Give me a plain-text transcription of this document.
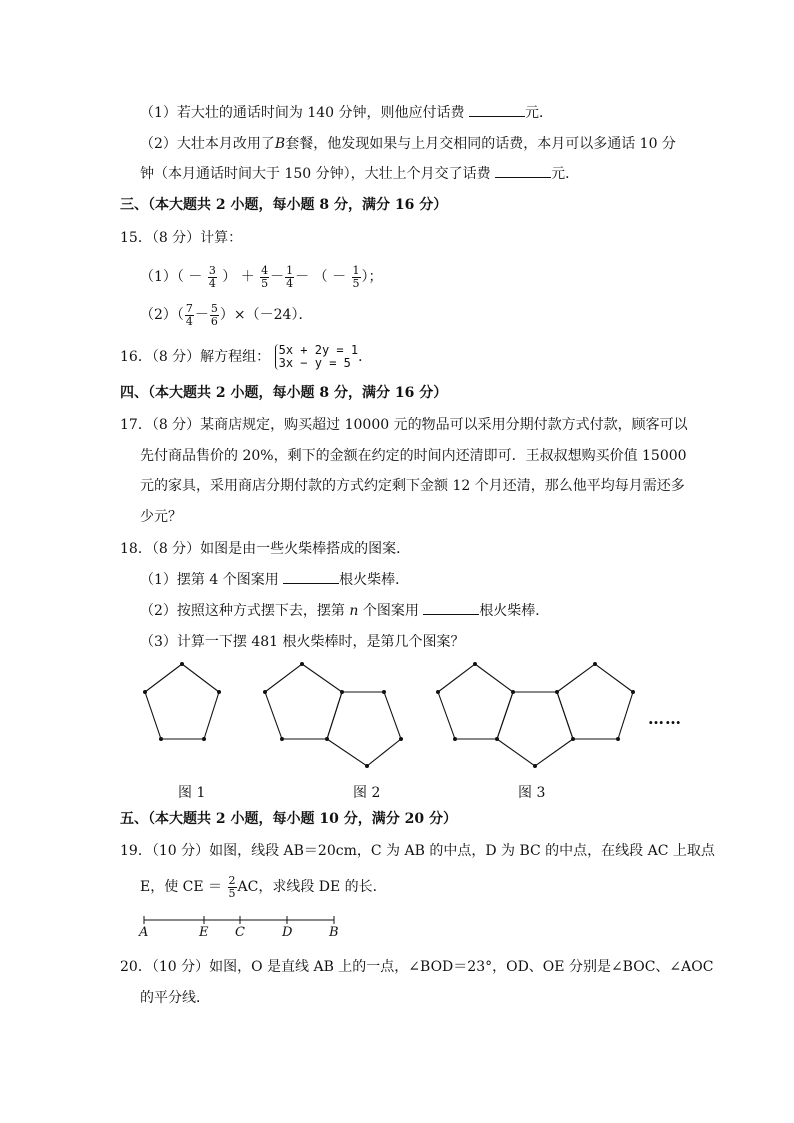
（1）若大壮的通话时间为 140 分钟，则他应付话费	元．
（2）大壮本月改用了B套餐，他发现如果与上月交相同的话费，本月可以多通话 10 分
钟（本月通话时间大于 150 分钟），大壮上个月交了话费	元．
三、（本大题共 2 小题，每小题 8 分，满分 16 分）
15．（8 分）计算：
$(1)( - \frac{3}{4}$ ） ＋ $\frac{4}{5} - \frac{1}{4}$ － （ － $\frac{1}{5}$ ）；
$(2)( \frac{7}{4} - \frac{5}{6} )\times(-24)$．
16．（8 分）解方程组： 5x + 2y = 1
3x − y = 5 ．
四、（本大题共 2 小题，每小题 8 分，满分 16 分）
17．（8 分）某商店规定，购买超过 10000 元的物品可以采用分期付款方式付款，顾客可以
先付商品售价的 20%，剩下的金额在约定的时间内还清即可．王叔叔想购买价值 15000
元的家具，采用商店分期付款的方式约定剩下金额 12 个月还清，那么他平均每月需还多
少元？
18．（8 分）如图是由一些火柴棒搭成的图案．
（1）摆第 4 个图案用	根火柴棒．
（2）按照这种方式摆下去，摆第 n 个图案用	根火柴棒．
（3）计算一下摆 481 根火柴棒时，是第几个图案？
……
图 1	图 2	图 3
五、（本大题共 2 小题，每小题 10 分，满分 20 分）
19．（10 分）如图，线段 AB＝20cm，C 为 AB 的中点，D 为 BC 的中点，在线段 AC 上取点
E，使 CE ＝ $\frac{2}{5}$ AC，求线段 DE 的长．
A	E C	D	B
20．（10 分）如图，O 是直线 AB 上的一点，∠BOD＝23°，OD、OE 分别是∠BOC、∠AOC
的平分线．
